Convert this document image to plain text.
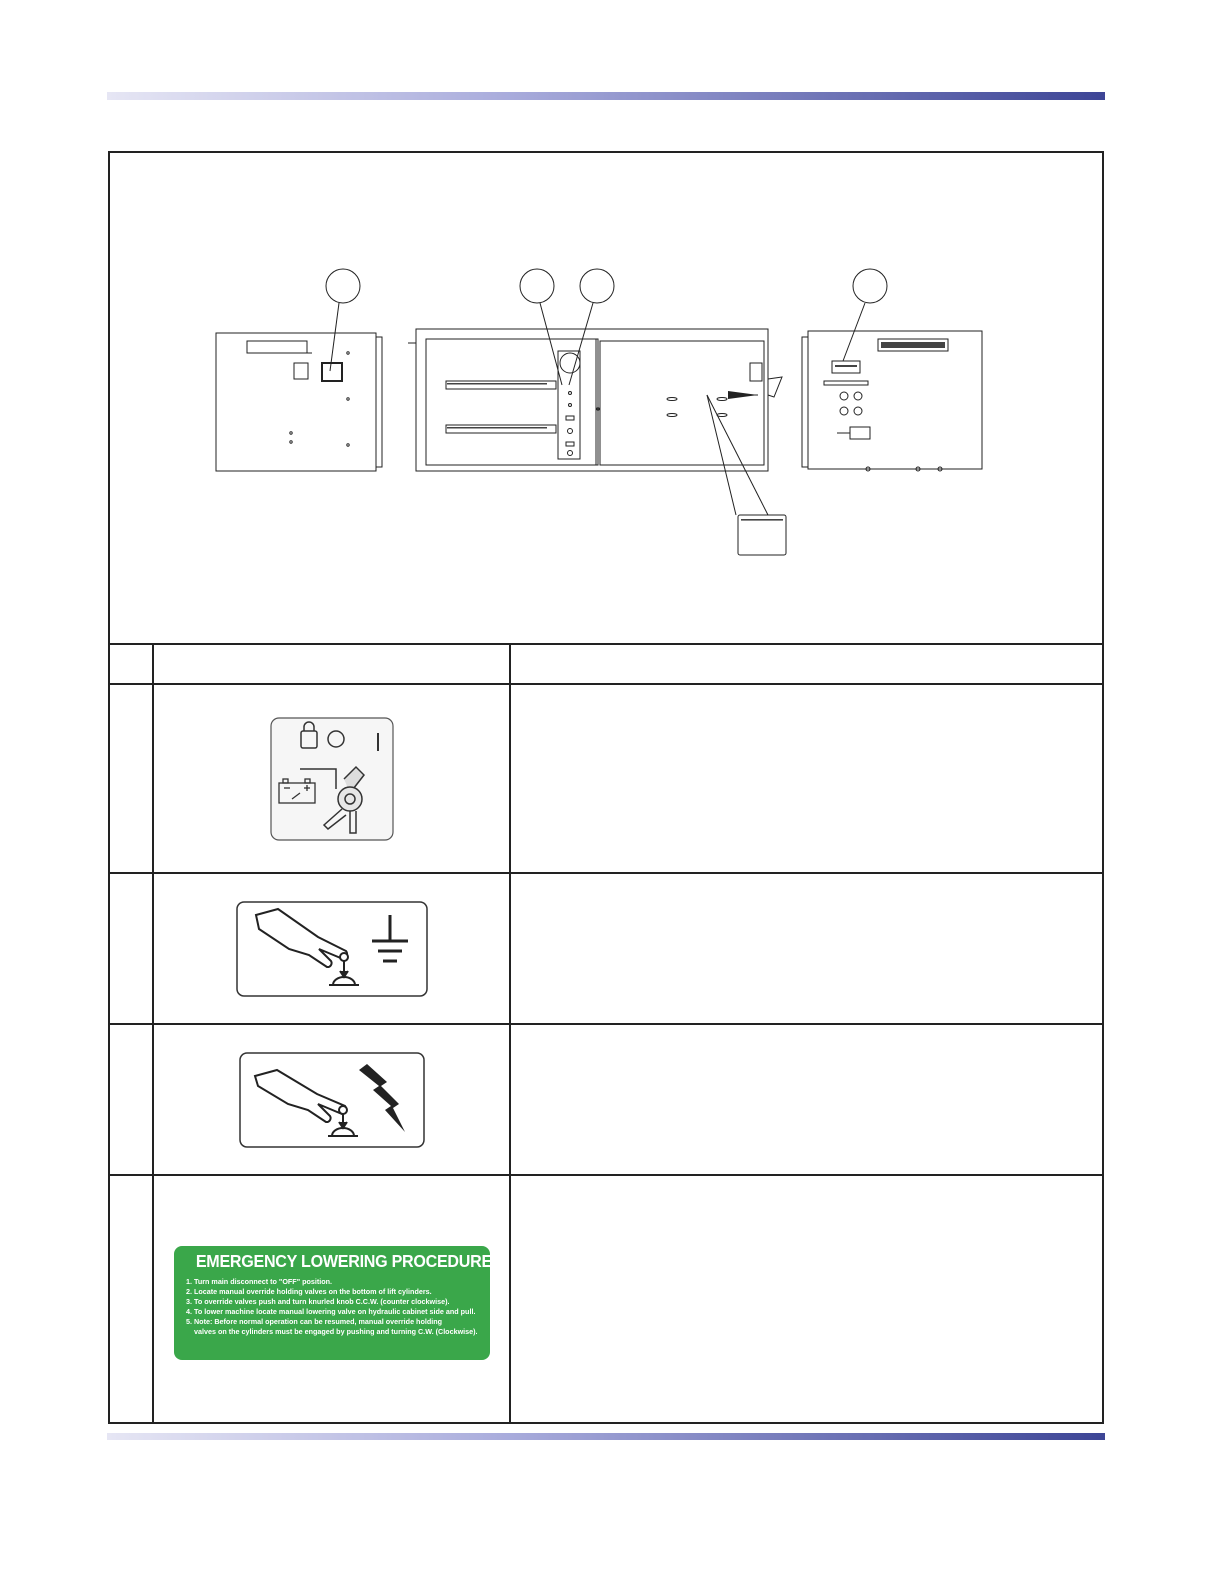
EMERGENCY LOWERING PROCEDURE
1. Turn main disconnect to "OFF" position.
2. Locate manual override holding valves on the bottom of lift cylinders.
3. To override valves push and turn knurled knob C.C.W. (counter clockwise).
4. To lower machine locate manual lowering valve on hydraulic cabinet side and pull.
5. Note: Before normal operation can be resumed, manual override holding
valves on the cylinders must be engaged by pushing and turning C.W. (Clockwise).
